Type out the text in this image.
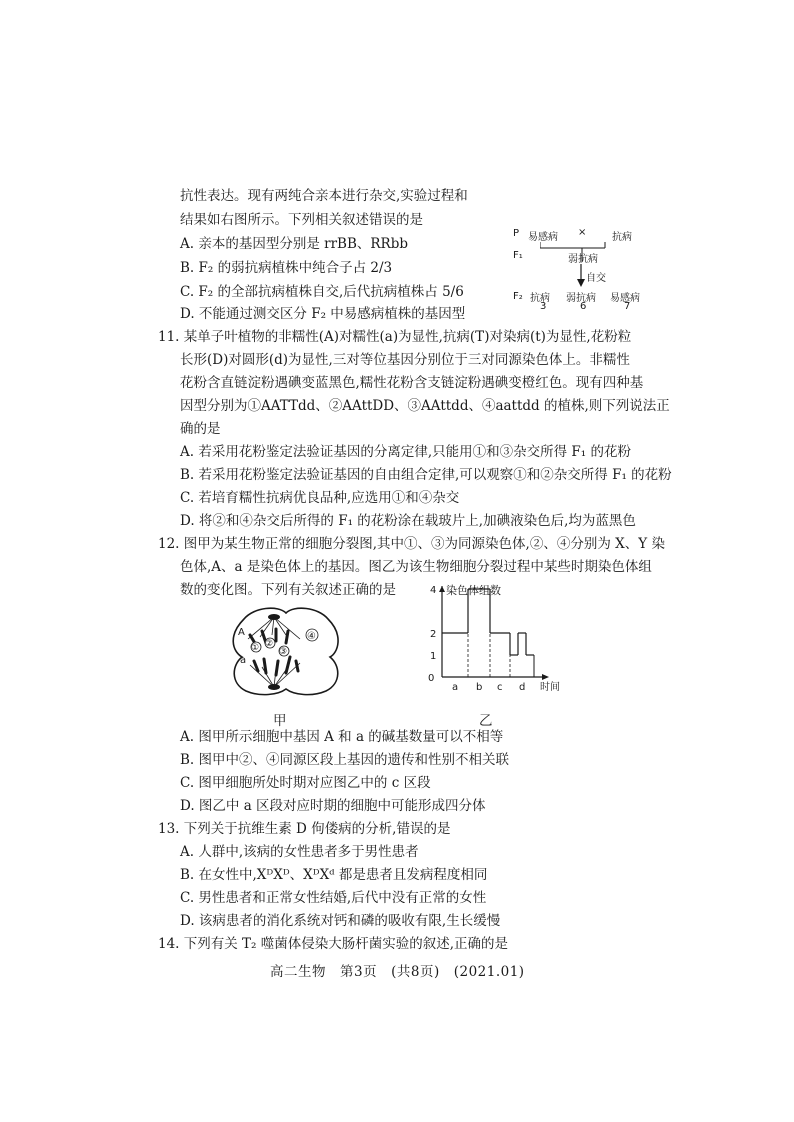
抗性表达。现有两纯合亲本进行杂交,实验过程和
结果如右图所示。下列相关叙述错误的是
A. 亲本的基因型分别是 rrBB、RRbb
B. F₂ 的弱抗病植株中纯合子占 2/3
C. F₂ 的全部抗病植株自交,后代抗病植株占 5/6
D. 不能通过测交区分 F₂ 中易感病植株的基因型
P 易感病 ×	抗病
F₁	弱抗病
自交
F₂ 抗病
3
弱抗病
6
易感病
7
11. 某单子叶植物的非糯性(A)对糯性(a)为显性,抗病(T)对染病(t)为显性,花粉粒
长形(D)对圆形(d)为显性,三对等位基因分别位于三对同源染色体上。非糯性
花粉含直链淀粉遇碘变蓝黑色,糯性花粉含支链淀粉遇碘变橙红色。现有四种基
因型分别为①AATTdd、②AAttDD、③AAttdd、④aattdd 的植株,则下列说法正
确的是
A. 若采用花粉鉴定法验证基因的分离定律,只能用①和③杂交所得 F₁ 的花粉
B. 若采用花粉鉴定法验证基因的自由组合定律,可以观察①和②杂交所得 F₁ 的花粉
C. 若培育糯性抗病优良品种,应选用①和④杂交
D. 将②和④杂交后所得的 F₁ 的花粉涂在载玻片上,加碘液染色后,均为蓝黑色
12. 图甲为某生物正常的细胞分裂图,其中①、③为同源染色体,②、④分别为 X、Y 染
色体,A、a 是染色体上的基因。图乙为该生物细胞分裂过程中某些时期染色体组
数的变化图。下列有关叙述正确的是
A
a
① ②
③
④
染色体组数
时间
0
4
2
1
a b c d
甲	乙
A. 图甲所示细胞中基因 A 和 a 的碱基数量可以不相等
B. 图甲中②、④同源区段上基因的遗传和性别不相关联
C. 图甲细胞所处时期对应图乙中的 c 区段
D. 图乙中 a 区段对应时期的细胞中可能形成四分体
13. 下列关于抗维生素 D 佝偻病的分析,错误的是
A. 人群中,该病的女性患者多于男性患者
B. 在女性中,XᴰXᴰ、XᴰXᵈ 都是患者且发病程度相同
C. 男性患者和正常女性结婚,后代中没有正常的女性
D. 该病患者的消化系统对钙和磷的吸收有限,生长缓慢
14. 下列有关 T₂ 噬菌体侵染大肠杆菌实验的叙述,正确的是
高二生物　第3页　(共8页)　(2021.01)
